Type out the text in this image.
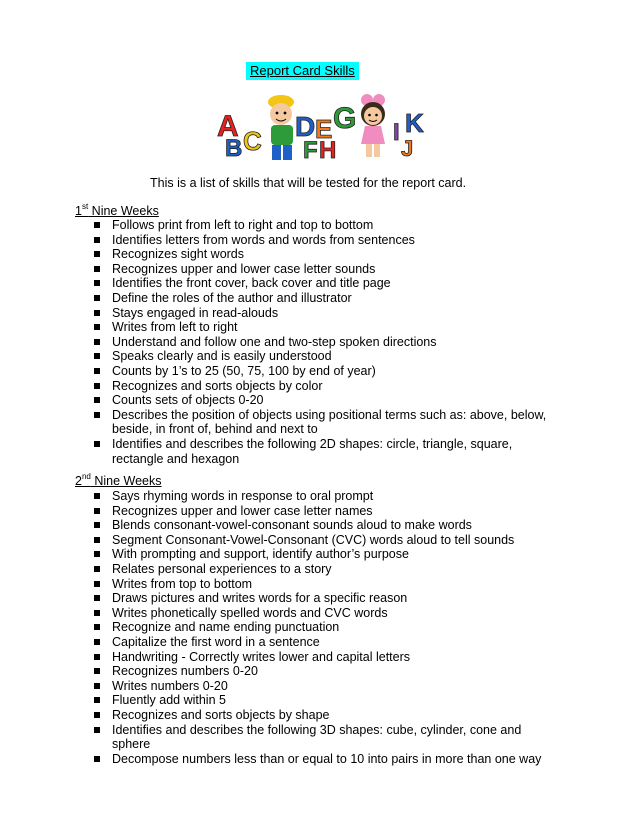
Report Card Skills
A
B C D E
F
G
H
I
J
K
This is a list of skills that will be tested for the report card.
1st Nine Weeks
Follows print from left to right and top to bottom
Identifies letters from words and words from sentences
Recognizes sight words
Recognizes upper and lower case letter sounds
Identifies the front cover, back cover and title page
Define the roles of the author and illustrator
Stays engaged in read-alouds
Writes from left to right
Understand and follow one and two-step spoken directions
Speaks clearly and is easily understood
Counts by 1’s to 25 (50, 75, 100 by end of year)
Recognizes and sorts objects by color
Counts sets of objects 0-20
Describes the position of objects using positional terms such as: above, below, beside, in front of, behind and next to
Identifies and describes the following 2D shapes: circle, triangle, square, rectangle and hexagon
2nd Nine Weeks
Says rhyming words in response to oral prompt
Recognizes upper and lower case letter names
Blends consonant-vowel-consonant sounds aloud to make words
Segment Consonant-Vowel-Consonant (CVC) words aloud to tell sounds
With prompting and support, identify author’s purpose
Relates personal experiences to a story
Writes from top to bottom
Draws pictures and writes words for a specific reason
Writes phonetically spelled words and CVC words
Recognize and name ending punctuation
Capitalize the first word in a sentence
Handwriting - Correctly writes lower and capital letters
Recognizes numbers 0-20
Writes numbers 0-20
Fluently add within 5
Recognizes and sorts objects by shape
Identifies and describes the following 3D shapes: cube, cylinder, cone and sphere
Decompose numbers less than or equal to 10 into pairs in more than one way
